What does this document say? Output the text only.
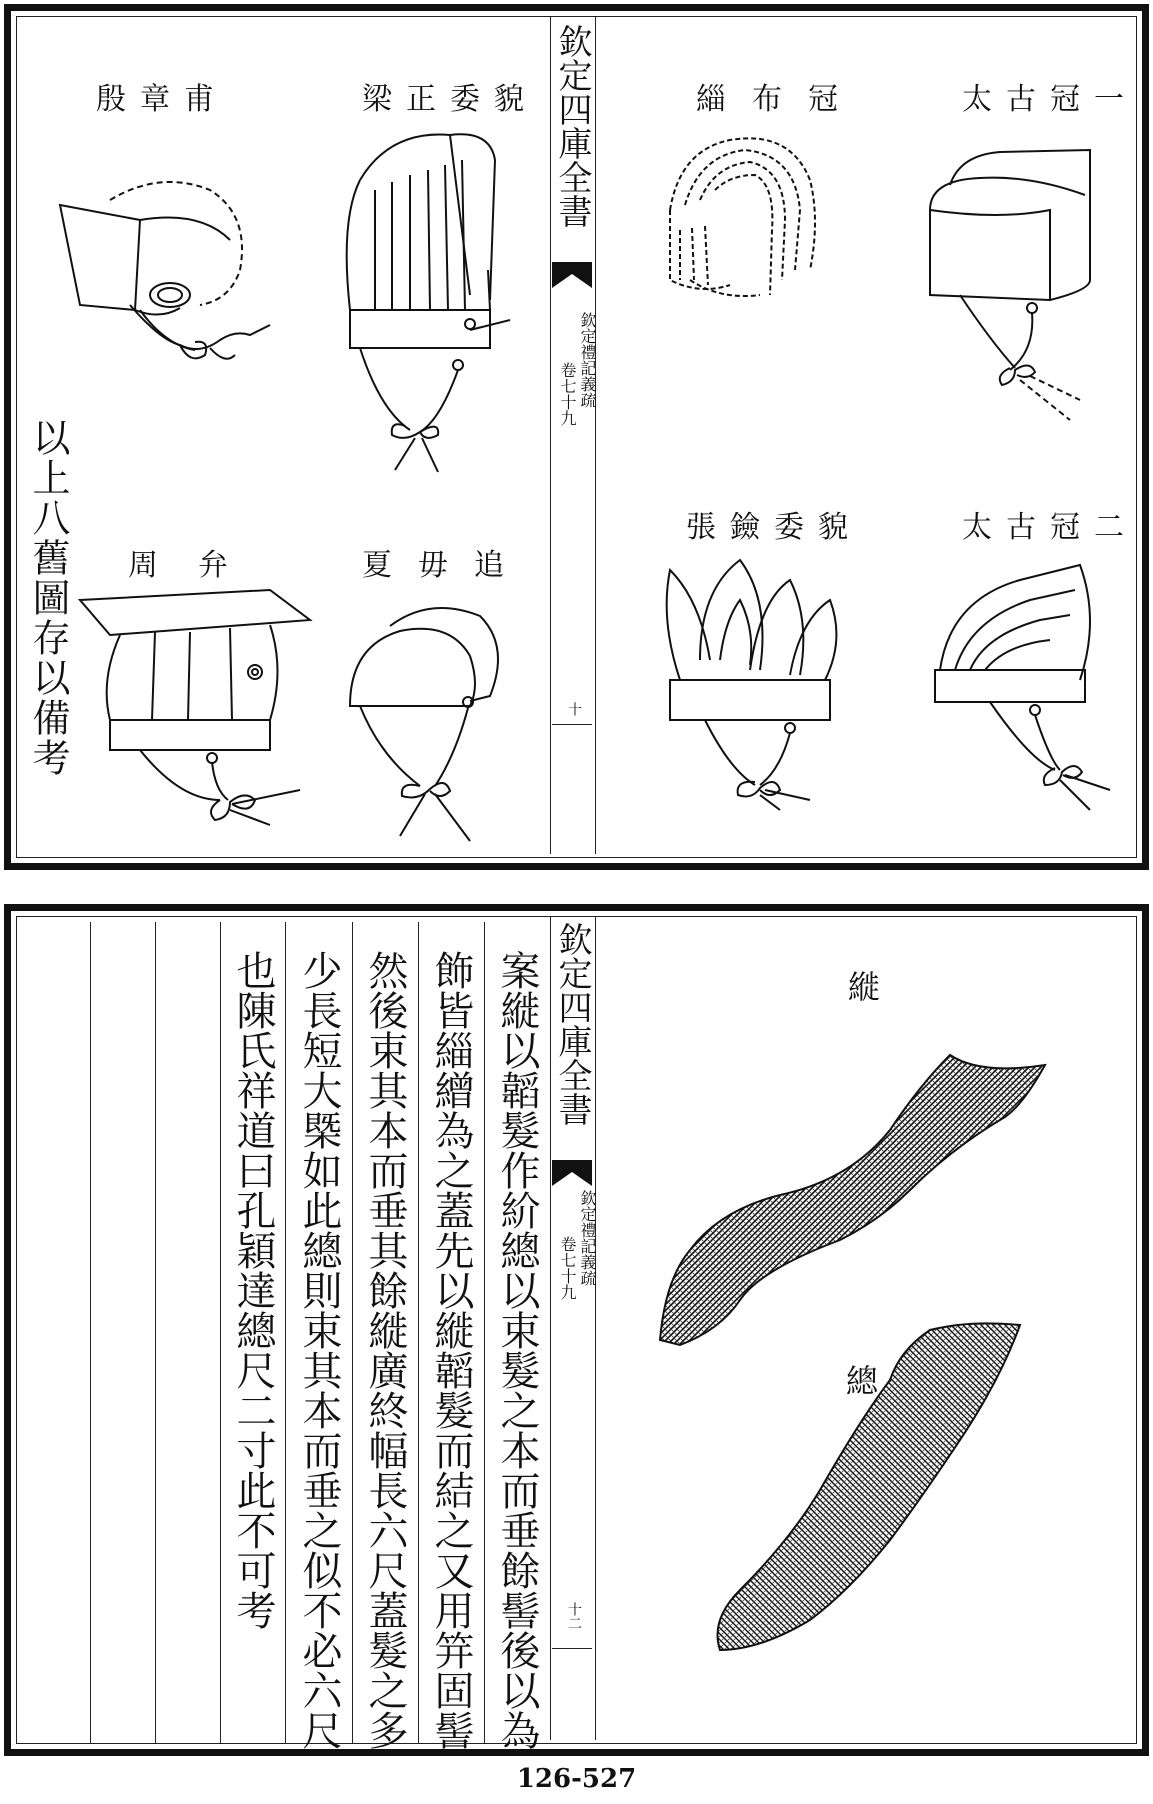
欽定四庫全書
欽定禮記義疏
卷七十九
十
殷章甫	梁正委貌
周弁	夏毋追
以上八舊圖存以備考
緇布冠	太古冠一
張鐱委貌	太古冠二
欽定四庫全書
欽定禮記義疏
卷七十九
十二
案縰以韜髮作紒總以束髮之本而垂餘髻後以為
飾皆緇繒為之蓋先以縰韜髮而結之又用笄固髻
然後束其本而垂其餘縰廣終幅長六尺蓋髮之多
少長短大槩如此總則束其本而垂之似不必六尺
也陳氏祥道曰孔穎達總尺二寸此不可考	縰
總
126-527
